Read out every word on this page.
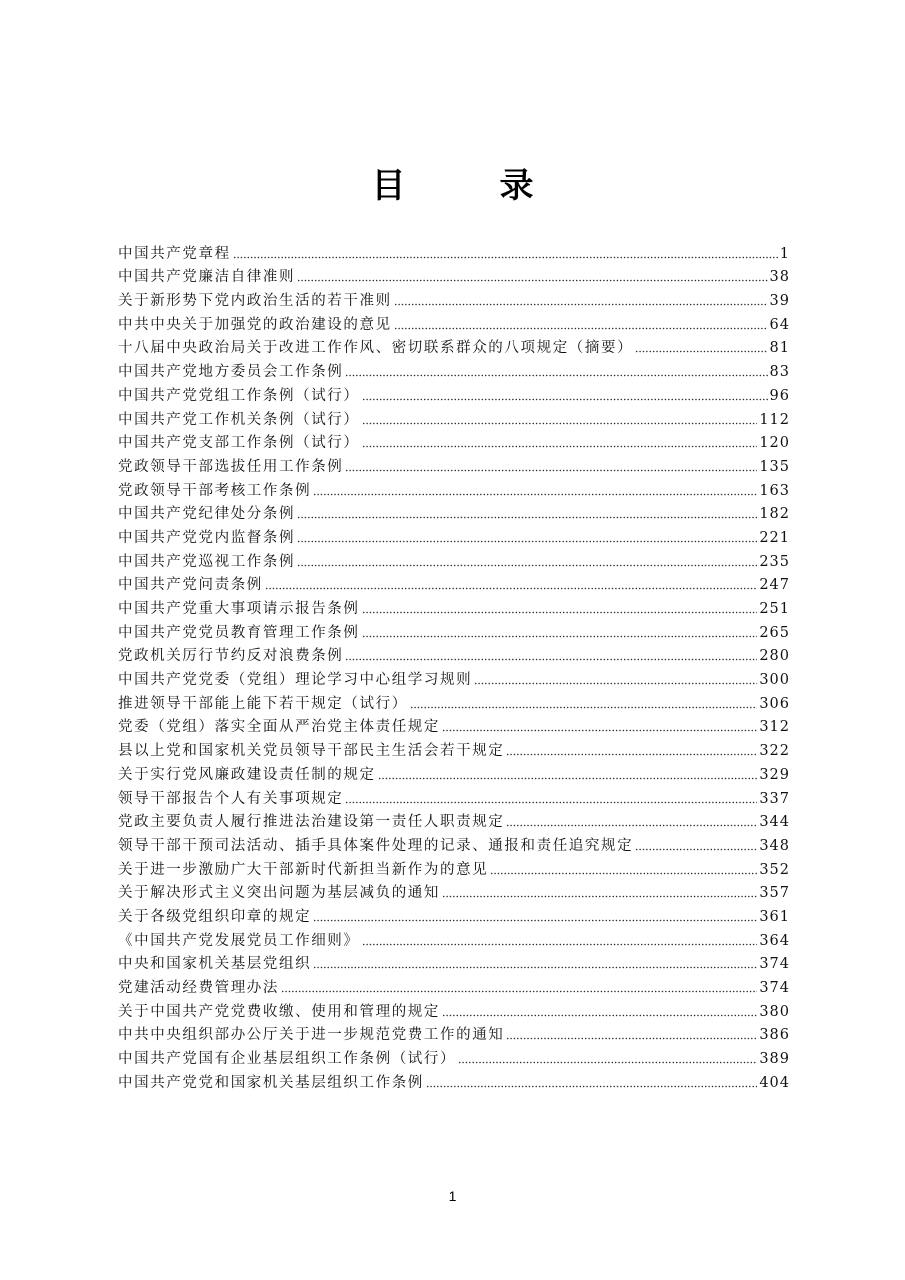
目　录
中国共产党章程	1
中国共产党廉洁自律准则	38
关于新形势下党内政治生活的若干准则	39
中共中央关于加强党的政治建设的意见	64
十八届中央政治局关于改进工作作风、密切联系群众的八项规定（摘要）	81
中国共产党地方委员会工作条例	83
中国共产党党组工作条例（试行）	96
中国共产党工作机关条例（试行）	112
中国共产党支部工作条例（试行）	120
党政领导干部选拔任用工作条例	135
党政领导干部考核工作条例	163
中国共产党纪律处分条例	182
中国共产党党内监督条例	221
中国共产党巡视工作条例	235
中国共产党问责条例	247
中国共产党重大事项请示报告条例	251
中国共产党党员教育管理工作条例	265
党政机关厉行节约反对浪费条例	280
中国共产党党委（党组）理论学习中心组学习规则	300
推进领导干部能上能下若干规定（试行）	306
党委（党组）落实全面从严治党主体责任规定	312
县以上党和国家机关党员领导干部民主生活会若干规定	322
关于实行党风廉政建设责任制的规定	329
领导干部报告个人有关事项规定	337
党政主要负责人履行推进法治建设第一责任人职责规定	344
领导干部干预司法活动、插手具体案件处理的记录、通报和责任追究规定	348
关于进一步激励广大干部新时代新担当新作为的意见	352
关于解决形式主义突出问题为基层减负的通知	357
关于各级党组织印章的规定	361
《中国共产党发展党员工作细则》	364
中央和国家机关基层党组织	374
党建活动经费管理办法	374
关于中国共产党党费收缴、使用和管理的规定	380
中共中央组织部办公厅关于进一步规范党费工作的通知	386
中国共产党国有企业基层组织工作条例（试行）	389
中国共产党党和国家机关基层组织工作条例	404
1
